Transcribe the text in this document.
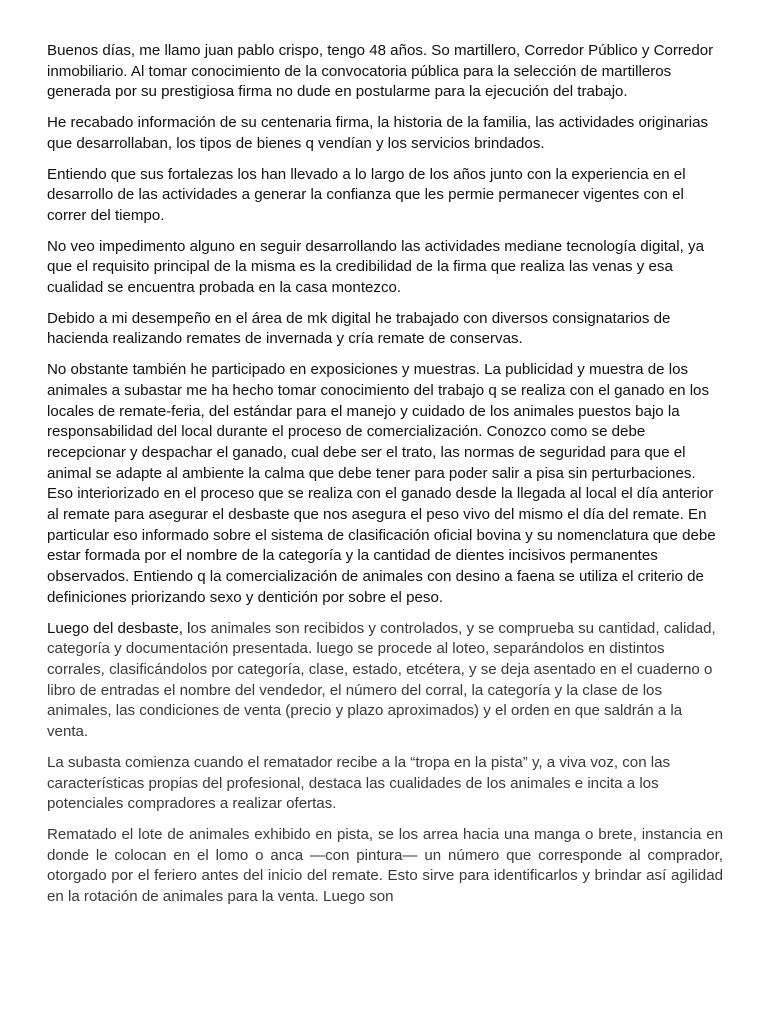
Buenos días, me llamo juan pablo crispo, tengo 48 años. So martillero, Corredor Público y Corredor inmobiliario. Al tomar conocimiento de la convocatoria pública para la selección de martilleros generada por su prestigiosa firma no dude en postularme para la ejecución del trabajo.

He recabado información de su centenaria firma, la historia de la familia, las actividades originarias que desarrollaban, los tipos de bienes q vendían y los servicios brindados.

Entiendo que sus fortalezas los han llevado a lo largo de los años junto con la experiencia en el desarrollo de las actividades a generar la confianza que les permie permanecer vigentes con el correr del tiempo.

No veo impedimento alguno en seguir desarrollando las actividades mediane tecnología digital, ya que el requisito principal de la misma es la credibilidad de la firma que realiza las venas y esa cualidad se encuentra probada en la casa montezco.

Debido a mi desempeño en el área de mk digital he trabajado con diversos consignatarios de hacienda realizando remates de invernada y cría remate de conservas.

No obstante también he participado en exposiciones y muestras. La publicidad y muestra de los animales a subastar me ha hecho tomar conocimiento del trabajo q se realiza con el ganado en los locales de remate-feria, del estándar para el manejo y cuidado de los animales puestos bajo la responsabilidad del local durante el proceso de comercialización. Conozco como se debe recepcionar y despachar el ganado, cual debe ser el trato, las normas de seguridad para que el animal se adapte al ambiente la calma que debe tener para poder salir a pisa sin perturbaciones. Eso interiorizado en el proceso que se realiza con el ganado desde la llegada al local el día anterior al remate para asegurar el desbaste que nos asegura el peso vivo del mismo el día del remate. En particular eso informado sobre el sistema de clasificación oficial bovina y su nomenclatura que debe estar formada por el nombre de la categoría y la cantidad de dientes incisivos permanentes observados. Entiendo q la comercialización de animales con desino a faena se utiliza el criterio de definiciones priorizando sexo y dentición por sobre el peso.

Luego del desbaste, los animales son recibidos y controlados, y se comprueba su cantidad, calidad, categoría y documentación presentada. luego se procede al loteo, separándolos en distintos corrales, clasificándolos por categoría, clase, estado, etcétera, y se deja asentado en el cuaderno o libro de entradas el nombre del vendedor, el número del corral, la categoría y la clase de los animales, las condiciones de venta (precio y plazo aproximados) y el orden en que saldrán a la venta.

La subasta comienza cuando el rematador recibe a la “tropa en la pista” y, a viva voz, con las características propias del profesional, destaca las cualidades de los animales e incita a los potenciales compradores a realizar ofertas.

Rematado el lote de animales exhibido en pista, se los arrea hacia una manga o brete, instancia en donde le colocan en el lomo o anca —con pintura— un número que corresponde al comprador, otorgado por el feriero antes del inicio del remate. Esto sirve para identificarlos y brindar así agilidad en la rotación de animales para la venta. Luego son
